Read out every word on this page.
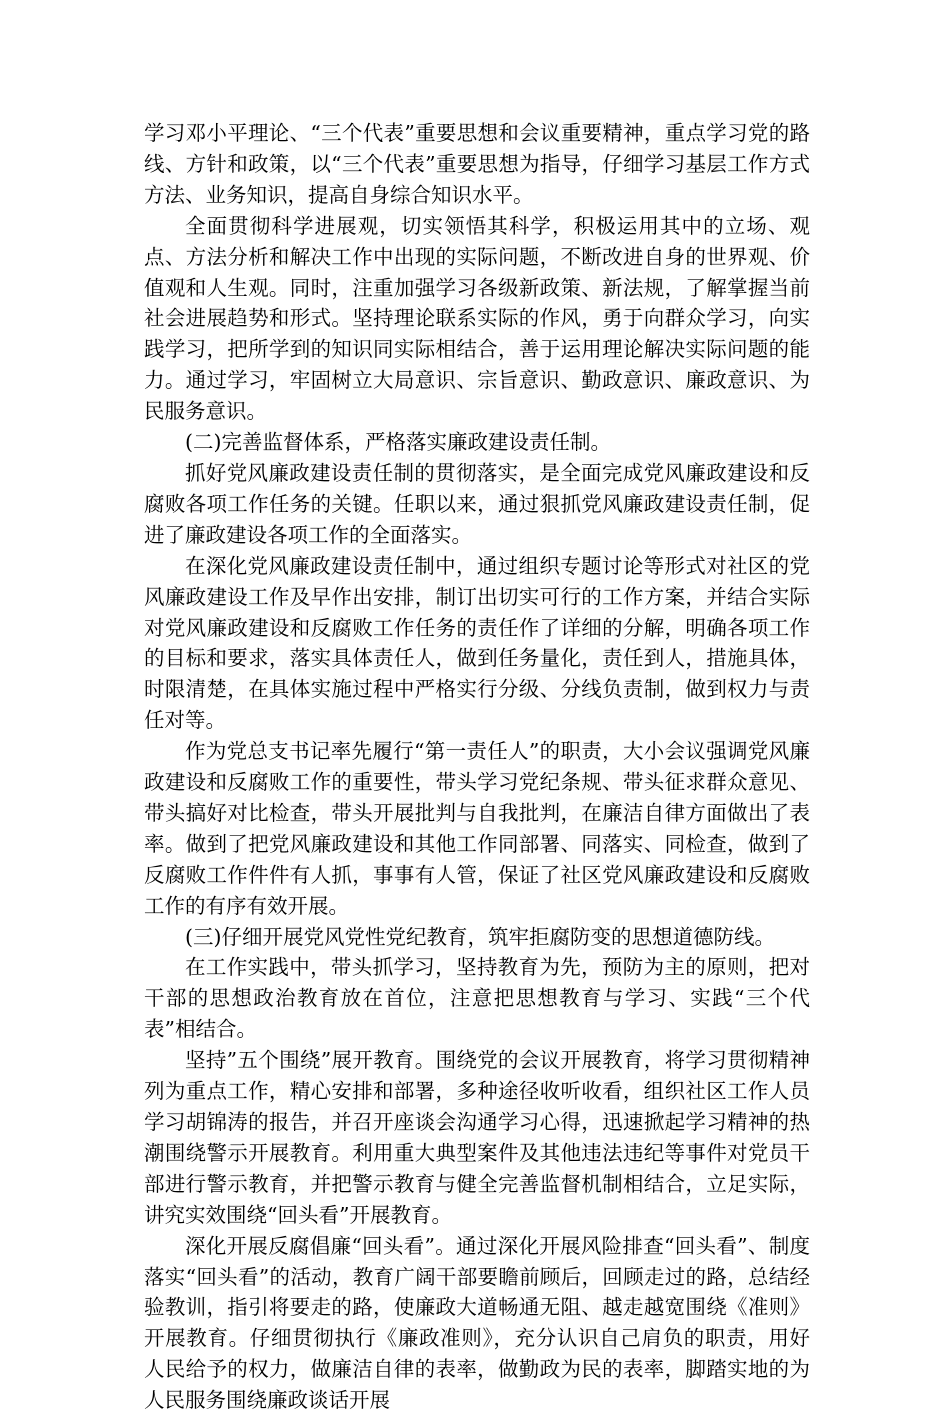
学习邓小平理论、“三个代表”重要思想和会议重要精神，重点学习党的路线、方针和政策，以“三个代表”重要思想为指导，仔细学习基层工作方式方法、业务知识，提高自身综合知识水平。

全面贯彻科学进展观，切实领悟其科学，积极运用其中的立场、观点、方法分析和解决工作中出现的实际问题，不断改进自身的世界观、价值观和人生观。同时，注重加强学习各级新政策、新法规，了解掌握当前社会进展趋势和形式。坚持理论联系实际的作风，勇于向群众学习，向实践学习，把所学到的知识同实际相结合，善于运用理论解决实际问题的能力。通过学习，牢固树立大局意识、宗旨意识、勤政意识、廉政意识、为民服务意识。

(二)完善监督体系，严格落实廉政建设责任制。

抓好党风廉政建设责任制的贯彻落实，是全面完成党风廉政建设和反腐败各项工作任务的关键。任职以来，通过狠抓党风廉政建设责任制，促进了廉政建设各项工作的全面落实。

在深化党风廉政建设责任制中，通过组织专题讨论等形式对社区的党风廉政建设工作及早作出安排，制订出切实可行的工作方案，并结合实际对党风廉政建设和反腐败工作任务的责任作了详细的分解，明确各项工作的目标和要求，落实具体责任人，做到任务量化，责任到人，措施具体，时限清楚，在具体实施过程中严格实行分级、分线负责制，做到权力与责任对等。

作为党总支书记率先履行“第一责任人”的职责，大小会议强调党风廉政建设和反腐败工作的重要性，带头学习党纪条规、带头征求群众意见、带头搞好对比检查，带头开展批判与自我批判，在廉洁自律方面做出了表率。做到了把党风廉政建设和其他工作同部署、同落实、同检查，做到了反腐败工作件件有人抓，事事有人管，保证了社区党风廉政建设和反腐败工作的有序有效开展。

(三)仔细开展党风党性党纪教育，筑牢拒腐防变的思想道德防线。

在工作实践中，带头抓学习，坚持教育为先，预防为主的原则，把对干部的思想政治教育放在首位，注意把思想教育与学习、实践“三个代表”相结合。

坚持”五个围绕”展开教育。围绕党的会议开展教育，将学习贯彻精神列为重点工作，精心安排和部署，多种途径收听收看，组织社区工作人员学习胡锦涛的报告，并召开座谈会沟通学习心得，迅速掀起学习精神的热潮围绕警示开展教育。利用重大典型案件及其他违法违纪等事件对党员干部进行警示教育，并把警示教育与健全完善监督机制相结合，立足实际，讲究实效围绕“回头看”开展教育。

深化开展反腐倡廉“回头看”。通过深化开展风险排查“回头看”、制度落实“回头看”的活动，教育广阔干部要瞻前顾后，回顾走过的路，总结经验教训，指引将要走的路，使廉政大道畅通无阻、越走越宽围绕《准则》开展教育。仔细贯彻执行《廉政准则》，充分认识自己肩负的职责，用好人民给予的权力，做廉洁自律的表率，做勤政为民的表率，脚踏实地的为人民服务围绕廉政谈话开展
